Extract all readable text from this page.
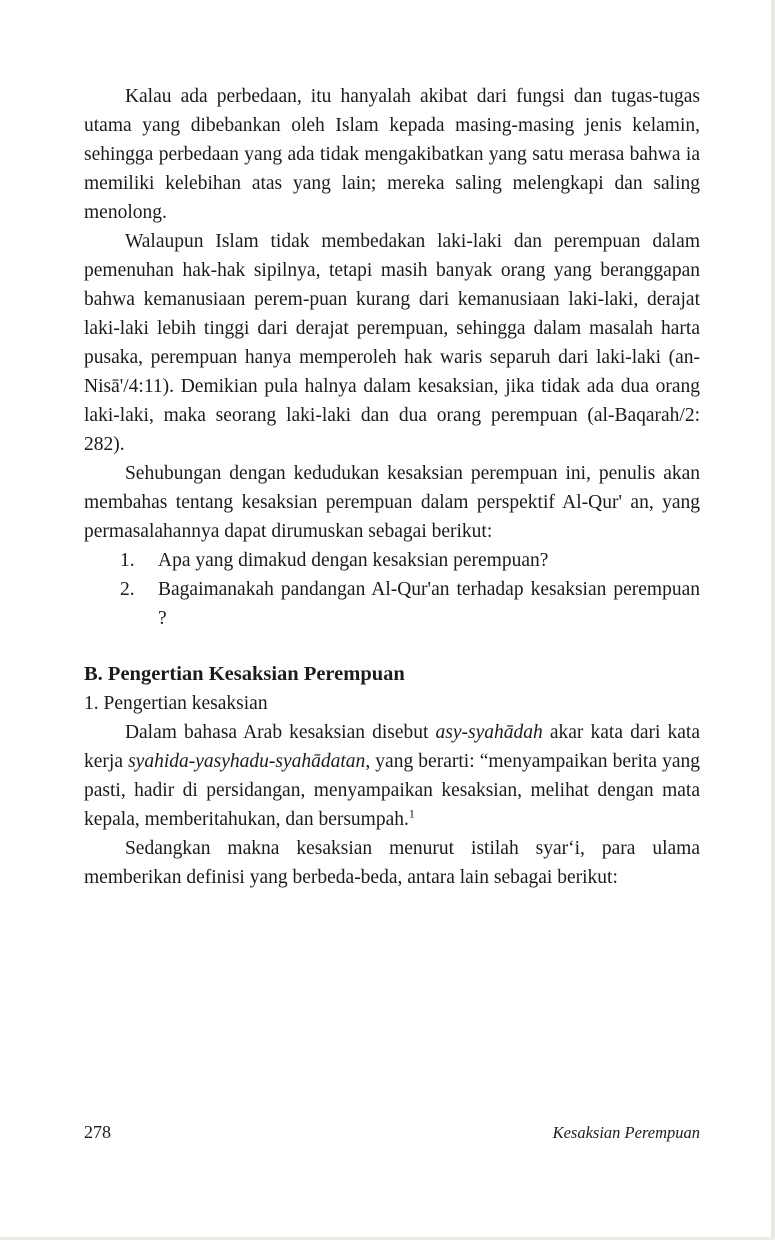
Kalau ada perbedaan, itu hanyalah akibat dari fungsi dan tugas-tugas utama yang dibebankan oleh Islam kepada masing-masing jenis kelamin, sehingga perbedaan yang ada tidak mengakibatkan yang satu merasa bahwa ia memiliki kelebihan atas yang lain; mereka saling melengkapi dan saling menolong.

Walaupun Islam tidak membedakan laki-laki dan perempuan dalam pemenuhan hak-hak sipilnya, tetapi masih banyak orang yang beranggapan bahwa kemanusiaan perem-puan kurang dari kemanusiaan laki-laki, derajat laki-laki lebih tinggi dari derajat perempuan, sehingga dalam masalah harta pusaka, perempuan hanya memperoleh hak waris separuh dari laki-laki (an-Nisā'/4:11). Demikian pula halnya dalam kesaksian, jika tidak ada dua orang laki-laki, maka seorang laki-laki dan dua orang perempuan (al-Baqarah/2: 282).

Sehubungan dengan kedudukan kesaksian perempuan ini, penulis akan membahas tentang kesaksian perempuan dalam perspektif Al-Qur' an, yang permasalahannya dapat dirumuskan sebagai berikut:

1.	Apa yang dimakud dengan kesaksian perempuan?
2.	Bagaimanakah pandangan Al-Qur'an terhadap kesaksian perempuan ?
B. Pengertian Kesaksian Perempuan
1. Pengertian kesaksian

Dalam bahasa Arab kesaksian disebut asy-syahādah akar kata dari kata kerja syahida-yasyhadu-syahādatan, yang berarti: “menyampaikan berita yang pasti, hadir di persidangan, menyampaikan kesaksian, melihat dengan mata kepala, memberitahukan, dan bersumpah.$^1$

Sedangkan makna kesaksian menurut istilah syarʻi, para ulama memberikan definisi yang berbeda-beda, antara lain sebagai berikut:

278	Kesaksian Perempuan
